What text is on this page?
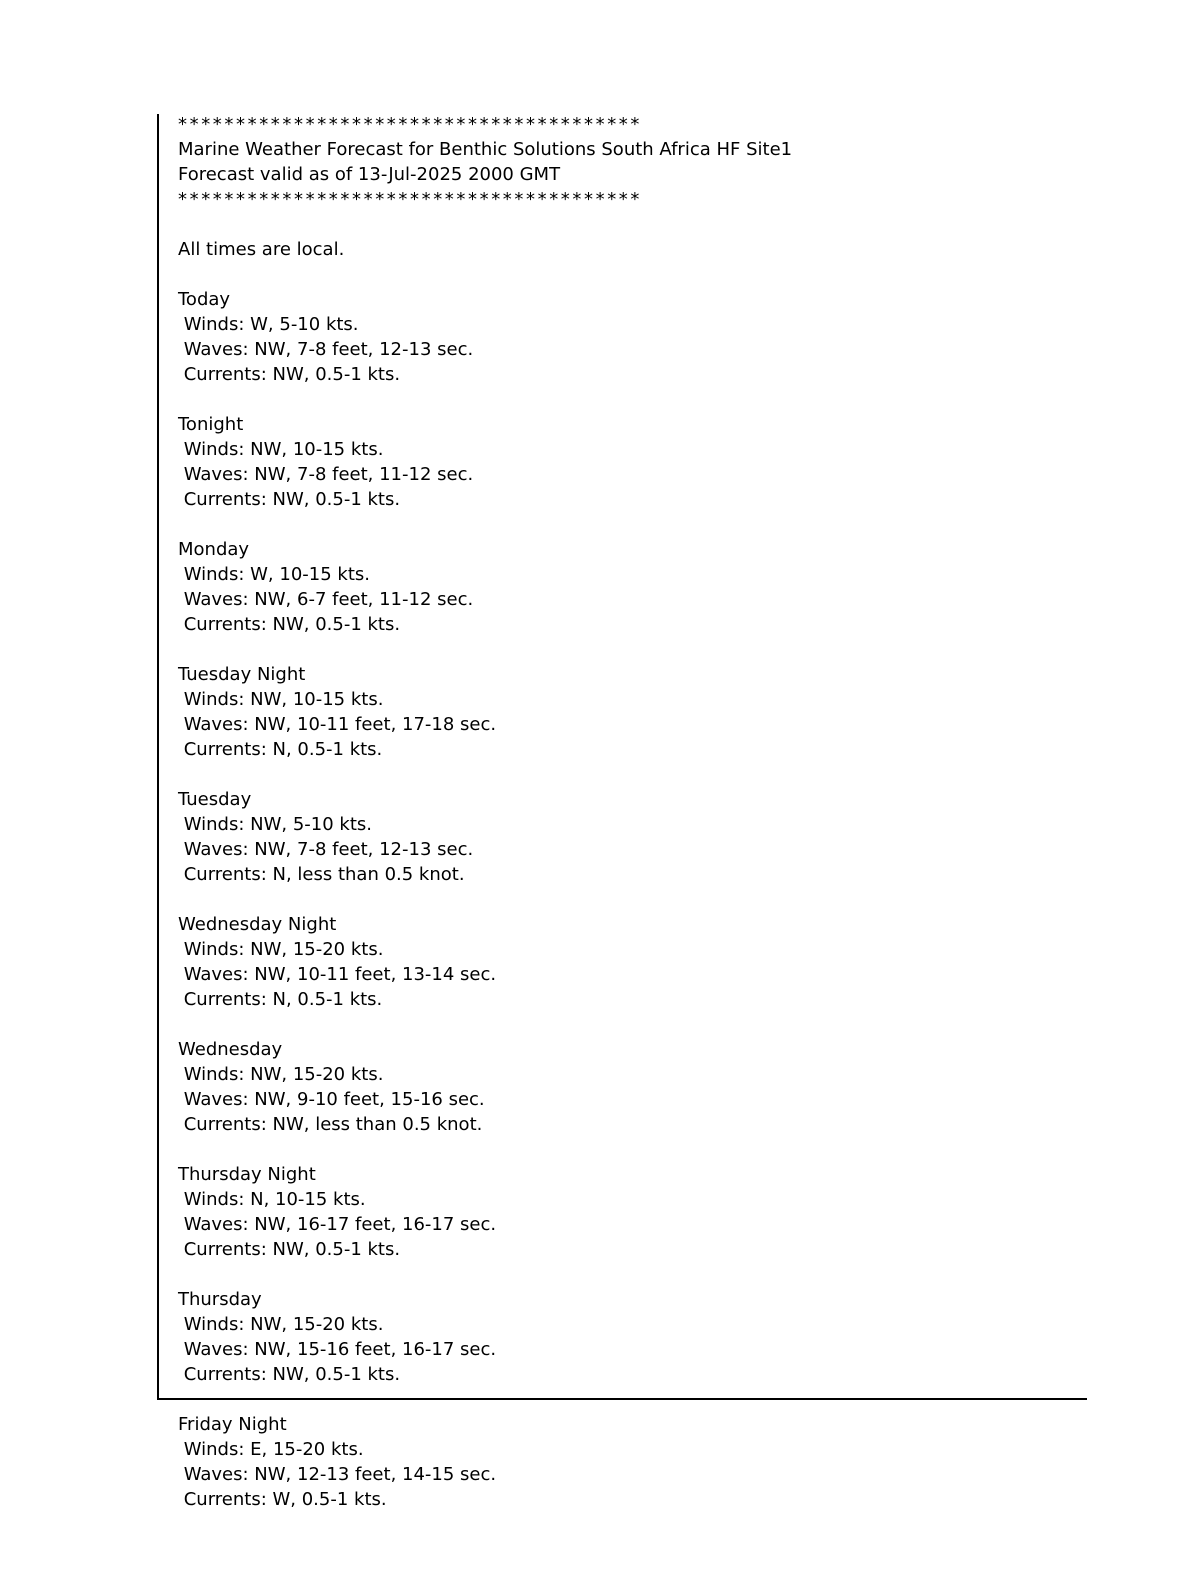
****************************************
Marine Weather Forecast for Benthic Solutions South Africa HF Site1
Forecast valid as of 13-Jul-2025 2000 GMT
****************************************
All times are local.
Today
Winds: W, 5-10 kts.
Waves: NW, 7-8 feet, 12-13 sec.
Currents: NW, 0.5-1 kts.
Tonight
Winds: NW, 10-15 kts.
Waves: NW, 7-8 feet, 11-12 sec.
Currents: NW, 0.5-1 kts.
Monday
Winds: W, 10-15 kts.
Waves: NW, 6-7 feet, 11-12 sec.
Currents: NW, 0.5-1 kts.
Tuesday Night
Winds: NW, 10-15 kts.
Waves: NW, 10-11 feet, 17-18 sec.
Currents: N, 0.5-1 kts.
Tuesday
Winds: NW, 5-10 kts.
Waves: NW, 7-8 feet, 12-13 sec.
Currents: N, less than 0.5 knot.
Wednesday Night
Winds: NW, 15-20 kts.
Waves: NW, 10-11 feet, 13-14 sec.
Currents: N, 0.5-1 kts.
Wednesday
Winds: NW, 15-20 kts.
Waves: NW, 9-10 feet, 15-16 sec.
Currents: NW, less than 0.5 knot.
Thursday Night
Winds: N, 10-15 kts.
Waves: NW, 16-17 feet, 16-17 sec.
Currents: NW, 0.5-1 kts.
Thursday
Winds: NW, 15-20 kts.
Waves: NW, 15-16 feet, 16-17 sec.
Currents: NW, 0.5-1 kts.
Friday Night
Winds: E, 15-20 kts.
Waves: NW, 12-13 feet, 14-15 sec.
Currents: W, 0.5-1 kts.
